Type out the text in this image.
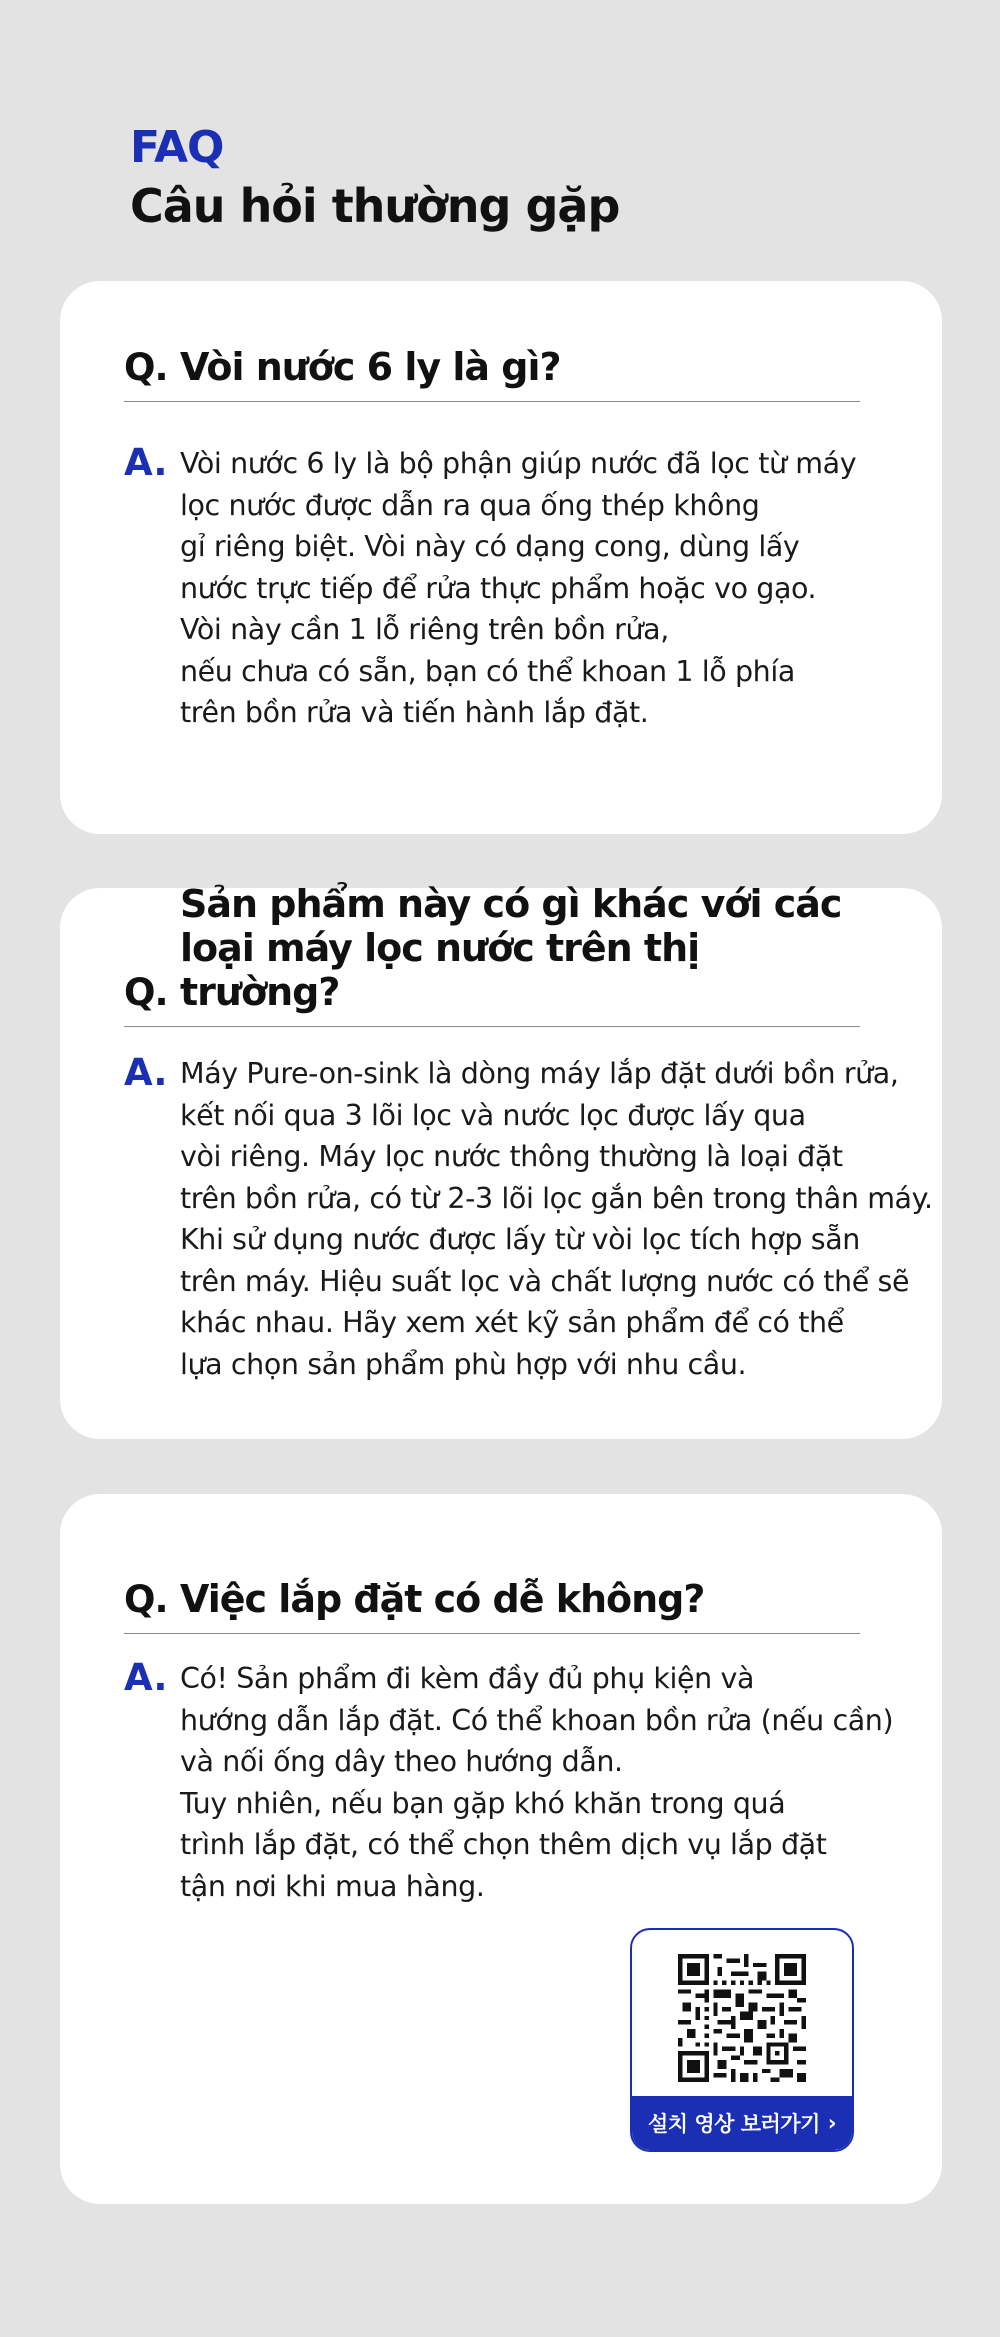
FAQ
Câu hỏi thường gặp
Q. Vòi nước 6 ly là gì?
A. Vòi nước 6 ly là bộ phận giúp nước đã lọc từ máy
lọc nước được dẫn ra qua ống thép không
gỉ riêng biệt. Vòi này có dạng cong, dùng lấy
nước trực tiếp để rửa thực phẩm hoặc vo gạo.
Vòi này cần 1 lỗ riêng trên bồn rửa,
nếu chưa có sẵn, bạn có thể khoan 1 lỗ phía
trên bồn rửa và tiến hành lắp đặt.
Q.
Sản phẩm này có gì khác với các
loại máy lọc nước trên thị trường?
A. Máy Pure-on-sink là dòng máy lắp đặt dưới bồn rửa,
kết nối qua 3 lõi lọc và nước lọc được lấy qua
vòi riêng. Máy lọc nước thông thường là loại đặt
trên bồn rửa, có từ 2-3 lõi lọc gắn bên trong thân máy.
Khi sử dụng nước được lấy từ vòi lọc tích hợp sẵn
trên máy. Hiệu suất lọc và chất lượng nước có thể sẽ
khác nhau. Hãy xem xét kỹ sản phẩm để có thể
lựa chọn sản phẩm phù hợp với nhu cầu.
Q. Việc lắp đặt có dễ không?
A. Có! Sản phẩm đi kèm đầy đủ phụ kiện và
hướng dẫn lắp đặt. Có thể khoan bồn rửa (nếu cần)
và nối ống dây theo hướng dẫn.
Tuy nhiên, nếu bạn gặp khó khăn trong quá
trình lắp đặt, có thể chọn thêm dịch vụ lắp đặt
tận nơi khi mua hàng.
설치 영상 보러가기 ›
